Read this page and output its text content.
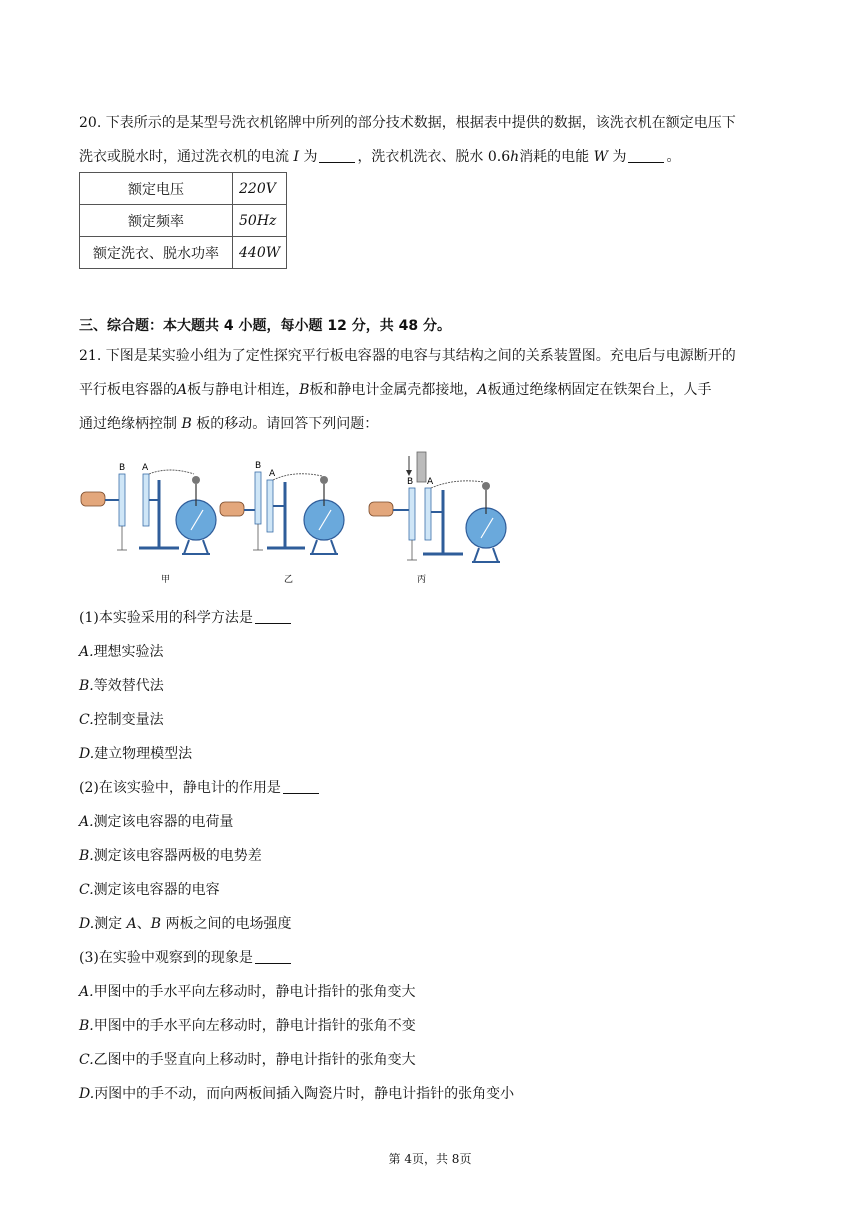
20. 下表所示的是某型号洗衣机铭牌中所列的部分技术数据，根据表中提供的数据，该洗衣机在额定电压下
洗衣或脱水时，通过洗衣机的电流 I 为	，洗衣机洗衣、脱水 0.6h消耗的电能 W 为	。
额定电压	220V
额定频率	50Hz
额定洗衣、脱水功率	440W
三、综合题：本大题共 4 小题，每小题 12 分，共 48 分。
21. 下图是某实验小组为了定性探究平行板电容器的电容与其结构之间的关系装置图。充电后与电源断开的
平行板电容器的A板与静电计相连，B板和静电计金属壳都接地，A板通过绝缘柄固定在铁架台上，人手
通过绝缘柄控制 B 板的移动。请回答下列问题：
B A
甲
B
A
乙
B A
丙
(1)本实验采用的科学方法是
A.理想实验法
B.等效替代法
C.控制变量法
D.建立物理模型法
(2)在该实验中，静电计的作用是
A.测定该电容器的电荷量
B.测定该电容器两极的电势差
C.测定该电容器的电容
D.测定 A、B 两板之间的电场强度
(3)在实验中观察到的现象是
A.甲图中的手水平向左移动时，静电计指针的张角变大
B.甲图中的手水平向左移动时，静电计指针的张角不变
C.乙图中的手竖直向上移动时，静电计指针的张角变大
D.丙图中的手不动，而向两板间插入陶瓷片时，静电计指针的张角变小
第 4页，共 8页
